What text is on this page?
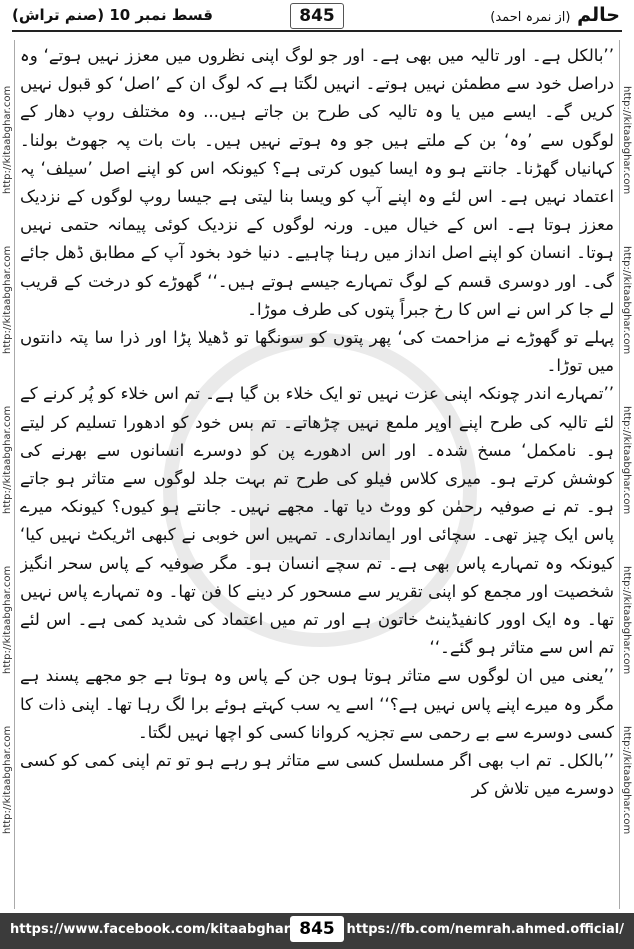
حالم (از نمرہ احمد)
845
قسط نمبر 10 (صنم تراش)
http://kitaabghar.com
http://kitaabghar.com
http://kitaabghar.com
http://kitaabghar.com
http://kitaabghar.com	http://kitaabghar.com
http://kitaabghar.com
http://kitaabghar.com
http://kitaabghar.com
http://kitaabghar.com

’’بالکل ہے۔ اور تالیہ میں بھی ہے۔ اور جو لوگ اپنی نظروں میں معزز نہیں ہوتے‘ وہ دراصل خود سے مطمئن نہیں ہوتے۔ انہیں لگتا ہے کہ لوگ ان کے ’اصل‘ کو قبول نہیں کریں گے۔ ایسے میں یا وہ تالیہ کی طرح بن جاتے ہیں... وہ مختلف روپ دھار کے لوگوں سے ’وہ‘ بن کے ملتے ہیں جو وہ ہوتے نہیں ہیں۔ بات بات پہ جھوٹ بولنا۔ کہانیاں گھڑنا۔ جانتے ہو وہ ایسا کیوں کرتی ہے؟ کیونکہ اس کو اپنے اصل ’سیلف‘ پہ اعتماد نہیں ہے۔ اس لئے وہ اپنے آپ کو ویسا بنا لیتی ہے جیسا روپ لوگوں کے نزدیک معزز ہوتا ہے۔ اس کے خیال میں۔ ورنہ لوگوں کے نزدیک کوئی پیمانہ حتمی نہیں ہوتا۔ انسان کو اپنے اصل انداز میں رہنا چاہیے۔ دنیا خود بخود آپ کے مطابق ڈھل جائے گی۔ اور دوسری قسم کے لوگ تمہارے جیسے ہوتے ہیں۔‘‘ گھوڑے کو درخت کے قریب لے جا کر اس نے اس کا رخ جبراً پتوں کی طرف موڑا۔

پہلے تو گھوڑے نے مزاحمت کی‘ پھر پتوں کو سونگھا تو ڈھیلا پڑا اور ذرا سا پتہ دانتوں میں توڑا۔

’’تمہارے اندر چونکہ اپنی عزت نہیں تو ایک خلاء بن گیا ہے۔ تم اس خلاء کو پُر کرنے کے لئے تالیہ کی طرح اپنے اوپر ملمع نہیں چڑھاتے۔ تم بس خود کو ادھورا تسلیم کر لیتے ہو۔ نامکمل‘ مسخ شدہ۔ اور اس ادھورے پن کو دوسرے انسانوں سے بھرنے کی کوشش کرتے ہو۔ میری کلاس فیلو کی طرح تم بہت جلد لوگوں سے متاثر ہو جاتے ہو۔ تم نے صوفیہ رحمٰن کو ووٹ دیا تھا۔ مجھے نہیں۔ جانتے ہو کیوں؟ کیونکہ میرے پاس ایک چیز تھی۔ سچائی اور ایمانداری۔ تمہیں اس خوبی نے کبھی اٹریکٹ نہیں کیا‘ کیونکہ وہ تمہارے پاس بھی ہے۔ تم سچے انسان ہو۔ مگر صوفیہ کے پاس سحر انگیز شخصیت اور مجمع کو اپنی تقریر سے مسحور کر دینے کا فن تھا۔ وہ تمہارے پاس نہیں تھا۔ وہ ایک اوور کانفیڈینٹ خاتون ہے اور تم میں اعتماد کی شدید کمی ہے۔ اس لئے تم اس سے متاثر ہو گئے۔‘‘

’’یعنی میں ان لوگوں سے متاثر ہوتا ہوں جن کے پاس وہ ہوتا ہے جو مجھے پسند ہے مگر وہ میرے اپنے پاس نہیں ہے؟‘‘ اسے یہ سب کہتے ہوئے برا لگ رہا تھا۔ اپنی ذات کا کسی دوسرے سے بے رحمی سے تجزیہ کروانا کسی کو اچھا نہیں لگتا۔

’’بالکل۔ تم اب بھی اگر مسلسل کسی سے متاثر ہو رہے ہو تو تم اپنی کمی کو کسی دوسرے میں تلاش کر

https://www.facebook.com/kitaabghar 845 https://fb.com/nemrah.ahmed.official/
